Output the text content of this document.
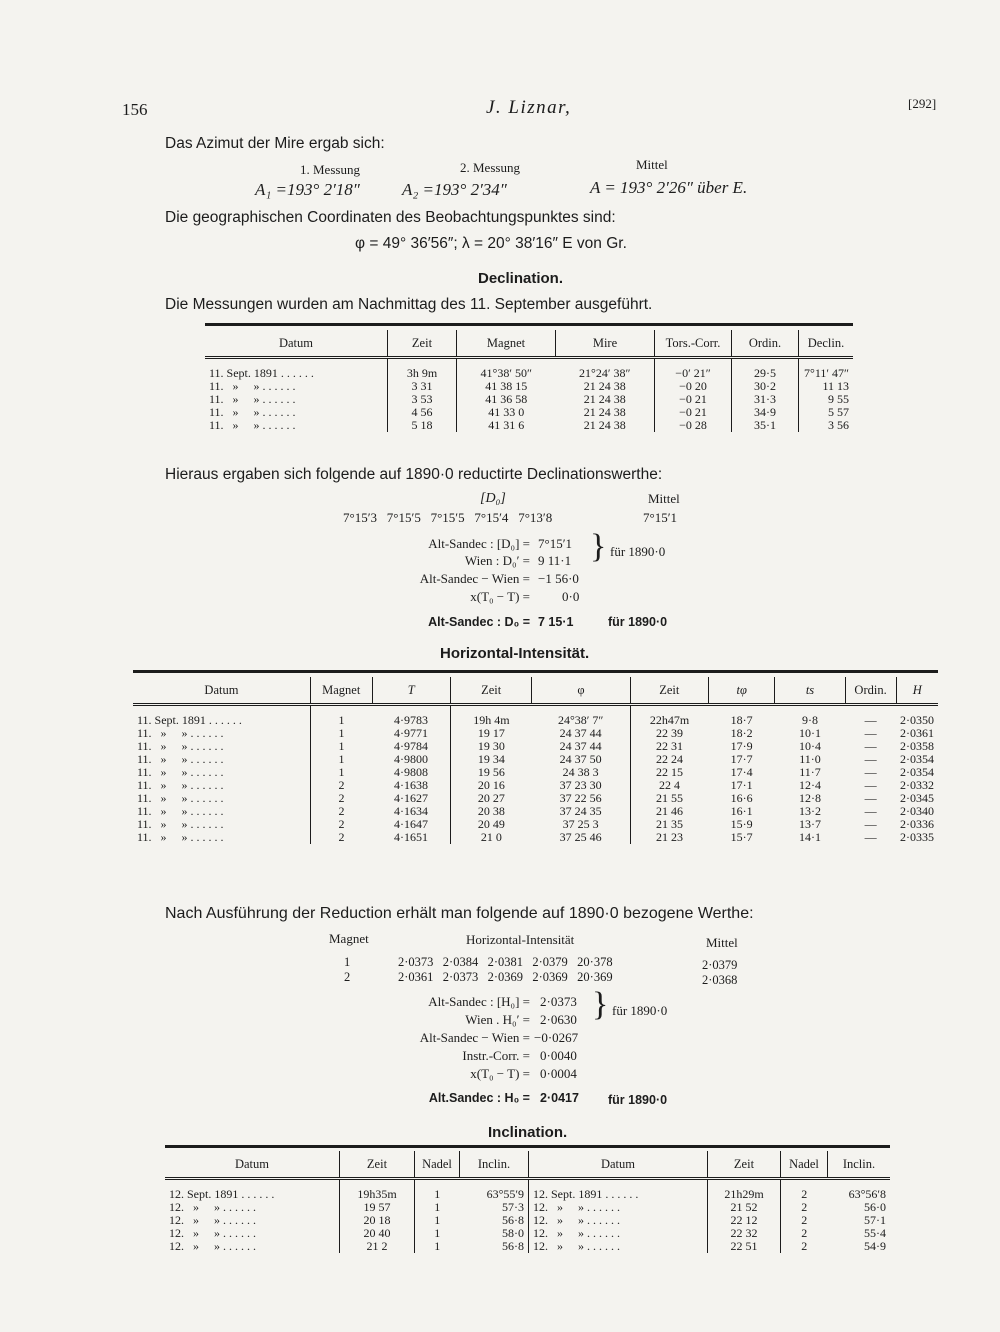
156	J. Liznar,	[292]
Das Azimut der Mire ergab sich:
1. Messung	2. Messung	Mittel
A₁ =193° 2′18″ A₂ =193° 2′34″	A = 193° 2′26″ über E.
Die geographischen Coordinaten des Beobachtungspunktes sind:
φ = 49° 36′56″; λ = 20° 38′16″ E von Gr.
Declination.
Die Messungen wurden am Nachmittag des 11. September ausgeführt.
Datum	Zeit	Magnet	Mire	Tors.-Corr.	Ordin.	Declin.
11. Sept. 1891 . . . . . .	3h 9m	41°38′ 50″	21°24′ 38″	−0′ 21″	29·5	7°11′ 47″
11.   »     » . . . . . .	3 31	41 38 15	21 24 38	−0 20	30·2	11 13
11.   »     » . . . . . .	3 53	41 36 58	21 24 38	−0 21	31·3	9 55
11.   »     » . . . . . .	4 56	41 33 0	21 24 38	−0 21	34·9	5 57
11.   »     » . . . . . .	5 18	41 31 6	21 24 38	−0 28	35·1	3 56
Hieraus ergaben sich folgende auf 1890·0 reductirte Declinationswerthe:
[D₀]	Mittel
7°15′3 7°15′5 7°15′5 7°15′4 7°13′8	7°15′1
Alt-Sandec : [D₀] = 7°15′1
Wien : D₀′ = 9 11·1
Alt-Sandec − Wien = −1 56·0
x(T₀ − T) = 0·0
} für 1890·0
Alt-Sandec : D₀ = 7 15·1	für 1890·0
Horizontal-Intensität.
Datum	Magnet	T	Zeit	φ	Zeit	tφ	ts	Ordin.	H
11. Sept. 1891 . . . . . .	1	4·9783	19h 4m	24°38′ 7″	22h47m	18·7	9·8	—	2·0350
11.   »     » . . . . . .	1	4·9771	19 17	24 37 44	22 39	18·2	10·1	—	2·0361
11.   »     » . . . . . .	1	4·9784	19 30	24 37 44	22 31	17·9	10·4	—	2·0358
11.   »     » . . . . . .	1	4·9800	19 34	24 37 50	22 24	17·7	11·0	—	2·0354
11.   »     » . . . . . .	1	4·9808	19 56	24 38 3	22 15	17·4	11·7	—	2·0354
11.   »     » . . . . . .	2	4·1638	20 16	37 23 30	22 4	17·1	12·4	—	2·0332
11.   »     » . . . . . .	2	4·1627	20 27	37 22 56	21 55	16·6	12·8	—	2·0345
11.   »     » . . . . . .	2	4·1634	20 38	37 24 35	21 46	16·1	13·2	—	2·0340
11.   »     » . . . . . .	2	4·1647	20 49	37 25 3	21 35	15·9	13·7	—	2·0336
11.   »     » . . . . . .	2	4·1651	21 0	37 25 46	21 23	15·7	14·1	—	2·0335
Nach Ausführung der Reduction erhält man folgende auf 1890·0 bezogene Werthe:
Magnet	Horizontal-Intensität	Mittel
1	2·0373   2·0384   2·0381   2·0379   20·378	2·0379
2	2·0361   2·0373   2·0369   2·0369   20·369	2·0368
Alt-Sandec : [H₀] = 2·0373
Wien . H₀′ = 2·0630
Alt-Sandec − Wien = −0·0267
Instr.-Corr. = 0·0040
x(T₀ − T) = 0·0004
} für 1890·0
Alt.Sandec : H₀ = 2·0417 für 1890·0
Inclination.
Datum	Zeit	Nadel	Inclin.	Datum	Zeit	Nadel	Inclin.
12. Sept. 1891 . . . . . .	19h35m	1	63°55′9	12. Sept. 1891 . . . . . .	21h29m	2	63°56′8
12.   »     » . . . . . .	19 57	1	57·3	12.   »     » . . . . . .	21 52	2	56·0
12.   »     » . . . . . .	20 18	1	56·8	12.   »     » . . . . . .	22 12	2	57·1
12.   »     » . . . . . .	20 40	1	58·0	12.   »     » . . . . . .	22 32	2	55·4
12.   »     » . . . . . .	21 2	1	56·8	12.   »     » . . . . . .	22 51	2	54·9
